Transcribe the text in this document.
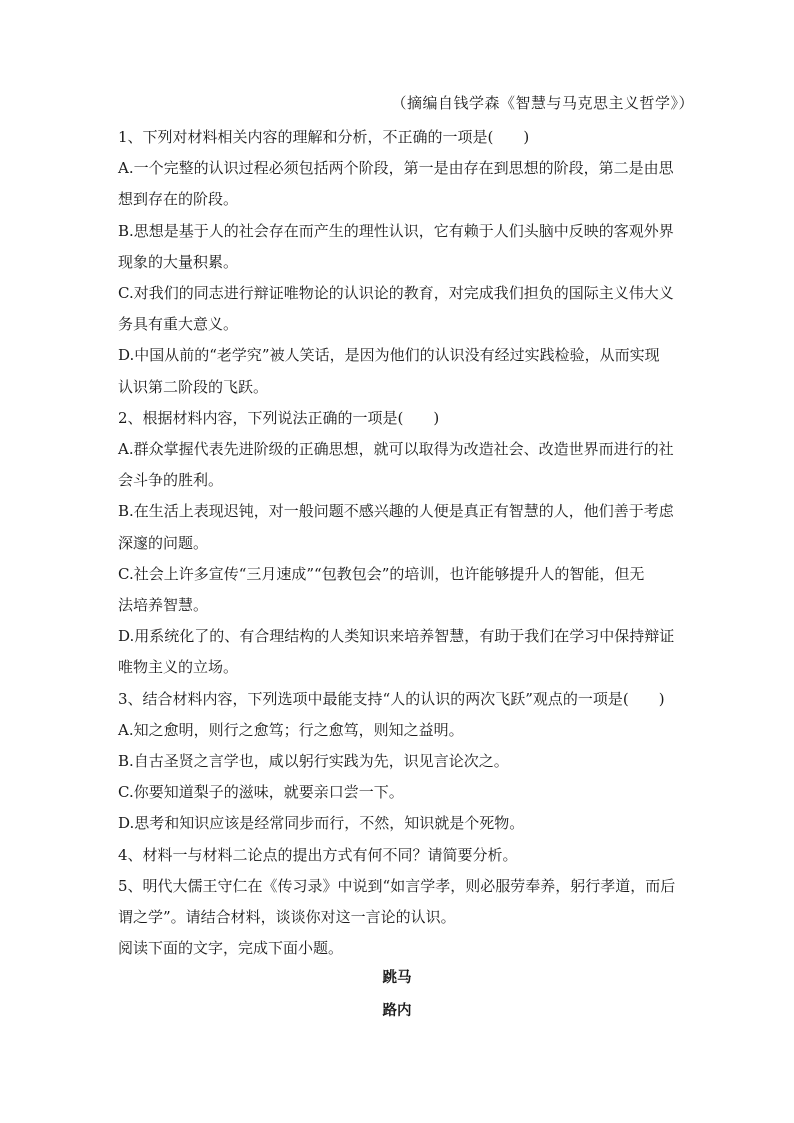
（摘编自钱学森《智慧与马克思主义哲学》）
1、下列对材料相关内容的理解和分析，不正确的一项是(　　)
A.一个完整的认识过程必须包括两个阶段，第一是由存在到思想的阶段，第二是由思
想到存在的阶段。
B.思想是基于人的社会存在而产生的理性认识，它有赖于人们头脑中反映的客观外界
现象的大量积累。
C.对我们的同志进行辩证唯物论的认识论的教育，对完成我们担负的国际主义伟大义
务具有重大意义。
D.中国从前的“老学究”被人笑话，是因为他们的认识没有经过实践检验，从而实现
认识第二阶段的飞跃。
2、根据材料内容，下列说法正确的一项是(　　)
A.群众掌握代表先进阶级的正确思想，就可以取得为改造社会、改造世界而进行的社
会斗争的胜利。
B.在生活上表现迟钝，对一般问题不感兴趣的人便是真正有智慧的人，他们善于考虑
深邃的问题。
C.社会上许多宣传“三月速成”“包教包会”的培训，也许能够提升人的智能，但无
法培养智慧。
D.用系统化了的、有合理结构的人类知识来培养智慧，有助于我们在学习中保持辩证
唯物主义的立场。
3、结合材料内容，下列选项中最能支持“人的认识的两次飞跃”观点的一项是(　　)
A.知之愈明，则行之愈笃；行之愈笃，则知之益明。
B.自古圣贤之言学也，咸以躬行实践为先，识见言论次之。
C.你要知道梨子的滋味，就要亲口尝一下。
D.思考和知识应该是经常同步而行，不然，知识就是个死物。
4、材料一与材料二论点的提出方式有何不同？请简要分析。
5、明代大儒王守仁在《传习录》中说到“如言学孝，则必服劳奉养，躬行孝道，而后
谓之学”。请结合材料，谈谈你对这一言论的认识。
阅读下面的文字，完成下面小题。
跳马
路内
